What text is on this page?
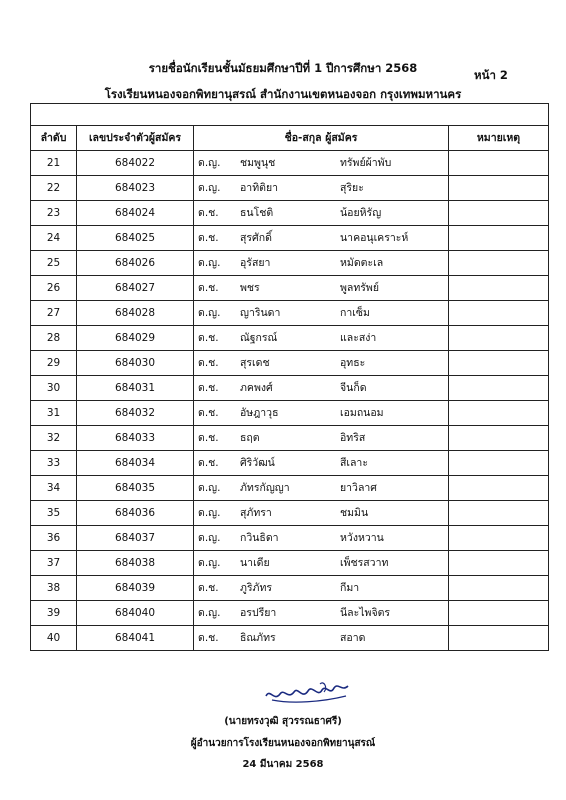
รายชื่อนักเรียนชั้นมัธยมศึกษาปีที่ 1 ปีการศึกษา 2568	หน้า 2
โรงเรียนหนองจอกพิทยานุสรณ์ สำนักงานเขตหนองจอก กรุงเทพมหานคร

ลำดับ	เลขประจำตัวผู้สมัคร	ชื่อ-สกุล ผู้สมัคร	หมายเหตุ
21	684022	ด.ญ. ชมพูนุช ทรัพย์ผ้าพับ	
22	684023	ด.ญ. อาทิติยา สุริยะ	
23	684024	ด.ช. ธนโชติ น้อยหิรัญ	
24	684025	ด.ช. สุรศักดิ์ นาคอนุเคราะห์	
25	684026	ด.ญ. อุรัสยา หมัดตะเล	
26	684027	ด.ช. พชร พูลทรัพย์	
27	684028	ด.ญ. ญารินดา กาเซ็ม	
28	684029	ด.ช. ณัฐกรณ์ และสง่า	
29	684030	ด.ช. สุรเดช อุทธะ	
30	684031	ด.ช. ภคพงศ์ จีนก็ด	
31	684032	ด.ช. อัษฎาวุธ เอมถนอม	
32	684033	ด.ช. ธฤต อิทริส	
33	684034	ด.ช. ศิริวัฒน์ สีเลาะ	
34	684035	ด.ญ. ภัทรกัญญา ยาวิลาศ	
35	684036	ด.ญ. สุภัทรา ชมมิน	
36	684037	ด.ญ. กวินธิดา หวังหวาน	
37	684038	ด.ญ. นาเดีย เพ็ชรสวาท	
38	684039	ด.ช. ภูริภัทร กีมา	
39	684040	ด.ญ. อรปรียา นีละไพจิตร	
40	684041	ด.ช. ธิณภัทร สอาด	
(นายทรงวุฒิ สุวรรณธาศรี)
ผู้อำนวยการโรงเรียนหนองจอกพิทยานุสรณ์
24 มีนาคม 2568
